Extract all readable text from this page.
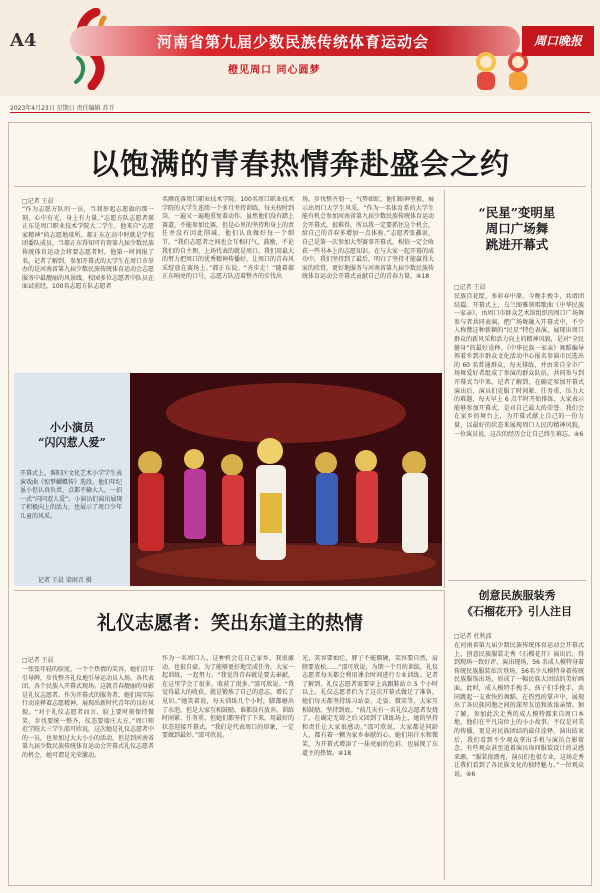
A4	河南省第九届少数民族传统体育运动会
橙见周口 同心圆梦
周口晚报
2023年4月23日 星期日 责任编辑 苏芥
以饱满的青春热情奔赴盛会之约
□记者 王晨
“作为志愿方队的一员，当我举起志愿旗的那一刻，心中有光，身上有力量。”志愿方队志愿者郝正东是周口职业技术学院大二学生，他来自“志愿家精神”的志愿地球所。郝正东在高中时就是学校团委队成员，当郝正东得知可有资第九届少数民族传统体育运动会将要志愿者时，他第一时间报了名。记者了解到，参加开幕式的大学生在周口市举办的是河南省第九届少数民族传统体育运动会志愿服务中最靓丽的风景线，校园多位志愿者中队员在面试前经，100名志愿方队志愿者
名额花落周口职业技术学院。100名周口职业技术学院的大学生连续一个多月坚持训练，每天按时到岗，一遍又一遍地重复着动作。虽然他们没有踏上赛道，不能参加比赛，但是心里的坚持和身上的责任并没有因此削减，他们认真做好每一个细节。“我们志愿者之间也会互相打气，鼓励，不论我们的自主理，上场代表的就是周口。我们用最大的努力把周口的优秀精神传播好，让周口的青春风采绽放在赛场上。”郝正东说。“齐步走！”随着郝正东响亮的口号，志愿方队迈着整齐的步伐出
场，步伐整齐划一，气势如虹，他们眼神坚毅，展示出周口大学生风采。“作为一名体育系的大学生能有机会参加河南省第九届少数民族传统体育运动会开幕式，很难得，所以我一定要抓住这个机会，给自己的青春多增加一点体验。”志愿者张鑫说，自己是第一次参加大型赛事开幕式，相信一定会收获一些书本上的志愿知识。在与大家一起开幕的成功中，我们坚持到了最后，明白了坚持才能赢得大家的欣赏，更好地服务与河南省第九届少数民族传统体育运动会开幕式贡献自己的青春力量。④18
“民星”变明星
周口广场舞
跳进开幕式
□记者 王晨
民族百花绽，多彩春中原。今晚手挽手，共谱团结篇。开幕式上，乌兰图雅领唱歌曲《中华民族一家亲》，由周口市群众艺术馆组织的周口广场舞参与者共同表演，把广场舞融入开幕式中，不少人称赞这种新颖的“民星”特色表演，展现出周口群众的新风采和活力向上的精神风貌，是对“全民健身”的最好诠释。《中华民族一家亲》舞蹈编导领着乡到市群众文化活动中心报名参演市民选出的 60 名普通群众，每天排练，并由来自全市广场舞爱好者组成了参演的群众队伍，共同参与到开幕式当中来。记者了解到，在确定参加开幕式演出后，演员们克服了时间紧、任务重、压力大的难题，每天早上 6 点半时开始排练，大家表示能够参加开幕式，是对自己最大的荣誉。我们会在家乡的舞台上，为开幕式献上自己的一份力量，以最好的状态来展现周口人民的精神风貌。一位演员说，这次的经历会让自己终生难忘。④6
小小演员
“闪闪惹人爱”
开幕式上，淮阳区文化艺术小学学生表演戏曲《惊梦蝴蝶传》选段。他们年纪虽小但认真负责，点都不输大人，一招一式“闪闪惹人爱”。小演员们演出展现了积极向上的活力，也展示了周口少年儿童的风采。
记者 王晨 梁雨音 摄
创意民族服装秀
《石榴花开》引人注目
□记者 杜秋波
在河南省第九届少数民族传统体育运动会开幕式上，创意民族服装走秀《石榴花开》演出后，得到现场一致好评。演出现场，56 名成人模特身着传统民族服装依次登场，56名少儿模特身着传统民族服饰出场，形成了一幅民族大团结的美好画面。此时，成人模特手挽手，孩子们手挽手，共同跳起一支欢快的舞蹈，在热烈的掌声中，展现出了各民族同胞之间的深厚友谊和浓浓亲情。据了解，参加此次走秀的成人模特都来自周口本地，他们在平凡岗位上的小小故事，不仅是对美的传播，更是对民族团结的最佳诠释。演出结束后，我们看到不少观众拿出手机与演员合影留念，有些观众甚至追着演员询问服装设计的灵感来源。“服装很漂亮，演员们也很专业，这场走秀让我们看到了各民族文化的独特魅力。”一位观众说。④6
礼仪志愿者：笑出东道主的热情
□记者 王晨
一张张年轻的脸庞，一个个热情的笑容，她们青年引导牌，步伐整齐礼仪地引导运动员入场。各代表团、各个民族入开幕式现场。这就青春靓丽的身影是礼仪志愿者。作为开幕式的服务者，她们用实际行动诠释着志愿精神，展现出新时代青年的良好风貌。“对于礼仪志愿者而言，脸上要时刻保持微笑，步伐要统一整齐，仪态要端庄大方。”周口师范学院大三学生邵可欣说，这次她是礼仪志愿者中的一员，也参加过大大小小的活动，但是到河南省第九届少数民族传统体育运动会开幕式礼仪志愿者的机会，她可谓是光荣激动。
作为一名周口人，这种机会在自己家乡，我很激动，也很自豪。为了能够更好地完成任务，大家一起训练，一起努力。“我觉得青春就是要去奉献，在这里学会了很多，收获了很多。”邵可欣说。“我觉得最大的收获，就是锻炼了自己的意志，增长了见识。”她笑着说，每天训练几个小时，脚都磨出了水泡，但是大家互相鼓励，谁都没有放弃。训练时间紧、任务重，但她们都坚持了下来，用最好的状态迎接开幕式。“我们是代表周口的形象，一定要做到最好。”邵可欣说。
光，笑容要灿烂，脖子不能僵硬，笑容要自然，肩膀要放松……”邵可欣说，为期一个月的训练，礼仪志愿者每天都会利用课余时间进行专业训练。记者了解到，礼仪志愿者需要穿上高跟鞋站立 5 个小时以上，礼仪志愿者们为了这次开幕式做足了准备，她们每天都坚持练习站姿、走姿、微笑等，大家互相鼓励，坚持到底。“前几天有一名礼仪志愿者发烧了，在确定无碍之后又回到了训练场上，她的坚持和责任让大家很感动。”邵可欣说，大家都是同龄人，都有着一颗为家乡奉献的心。她们用汗水和微笑，为开幕式增添了一抹亮丽的色彩，也展现了东道主的热情。④18
